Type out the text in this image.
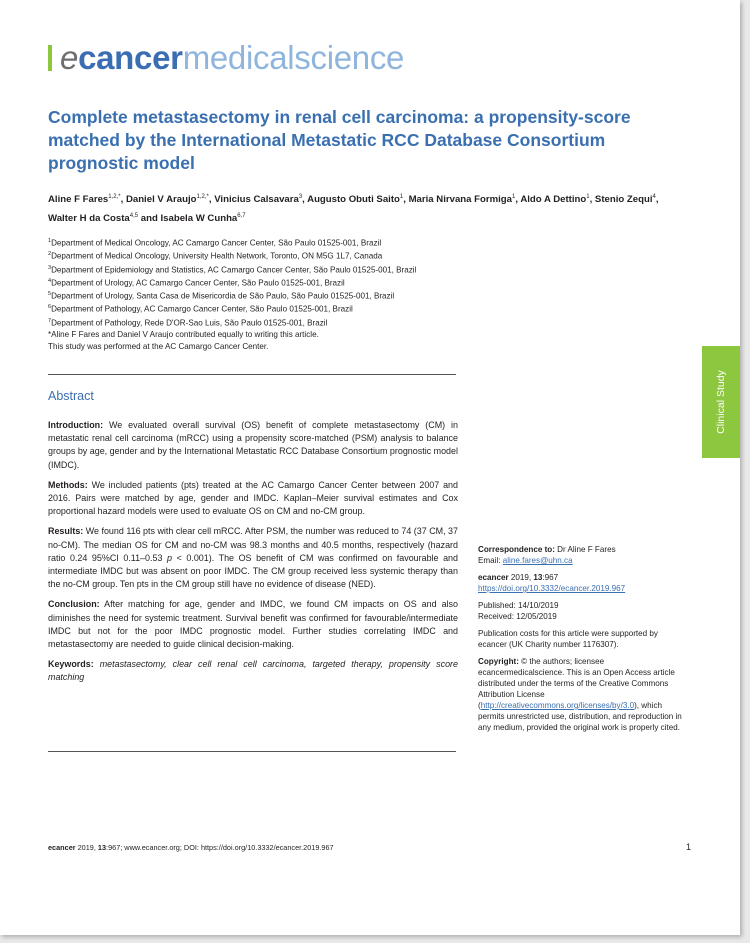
ecancermedicalscience
Complete metastasectomy in renal cell carcinoma: a propensity-score matched by the International Metastatic RCC Database Consortium prognostic model
Aline F Fares$^{1,2,*}$, Daniel V Araujo$^{1,2,*}$, Vinicius Calsavara$^3$, Augusto Obuti Saito$^1$, Maria Nirvana Formiga$^1$, Aldo A Dettino$^1$, Stenio Zequi$^4$, Walter H da Costa$^{4,5}$ and Isabela W Cunha$^{6,7}$
$^1$Department of Medical Oncology, AC Camargo Cancer Center, São Paulo 01525-001, Brazil
$^2$Department of Medical Oncology, University Health Network, Toronto, ON M5G 1L7, Canada
$^3$Department of Epidemiology and Statistics, AC Camargo Cancer Center, São Paulo 01525-001, Brazil
$^4$Department of Urology, AC Camargo Cancer Center, São Paulo 01525-001, Brazil
$^5$Department of Urology, Santa Casa de Misericordia de São Paulo, São Paulo 01525-001, Brazil
$^6$Department of Pathology, AC Camargo Cancer Center, São Paulo 01525-001, Brazil
$^7$Department of Pathology, Rede D'OR-Sao Luis, São Paulo 01525-001, Brazil
*Aline F Fares and Daniel V Araujo contributed equally to writing this article.
This study was performed at the AC Camargo Cancer Center.
Abstract

Introduction: We evaluated overall survival (OS) benefit of complete metastasectomy (CM) in metastatic renal cell carcinoma (mRCC) using a propensity score-matched (PSM) analysis to balance groups by age, gender and by the International Metastatic RCC Database Consortium prognostic model (IMDC).

Methods: We included patients (pts) treated at the AC Camargo Cancer Center between 2007 and 2016. Pairs were matched by age, gender and IMDC. Kaplan–Meier survival estimates and Cox proportional hazard models were used to evaluate OS on CM and no-CM group.

Results: We found 116 pts with clear cell mRCC. After PSM, the number was reduced to 74 (37 CM, 37 no-CM). The median OS for CM and no-CM was 98.3 months and 40.5 months, respectively (hazard ratio 0.24 95%CI 0.11–0.53 p < 0.001). The OS benefit of CM was confirmed on favourable and intermediate IMDC but was absent on poor IMDC. The CM group received less systemic therapy than the no-CM group. Ten pts in the CM group still have no evidence of disease (NED).

Conclusion: After matching for age, gender and IMDC, we found CM impacts on OS and also diminishes the need for systemic treatment. Survival benefit was confirmed for favourable/intermediate IMDC but not for the poor IMDC prognostic model. Further studies correlating IMDC and metastasectomy are needed to guide clinical decision-making.

Keywords: metastasectomy, clear cell renal cell carcinoma, targeted therapy, propensity score matching

Correspondence to: Dr Aline F Fares
Email: aline.fares@uhn.ca

ecancer 2019, 13:967
https://doi.org/10.3332/ecancer.2019.967

Published: 14/10/2019
Received: 12/05/2019

Publication costs for this article were supported by ecancer (UK Charity number 1176307).

Copyright: © the authors; licensee ecancermedicalscience. This is an Open Access article distributed under the terms of the Creative Commons Attribution License (http://creativecommons.org/licenses/by/3.0), which permits unrestricted use, distribution, and reproduction in any medium, provided the original work is properly cited.

Clinical Study
ecancer 2019, 13:967; www.ecancer.org; DOI: https://doi.org/10.3332/ecancer.2019.967	1
